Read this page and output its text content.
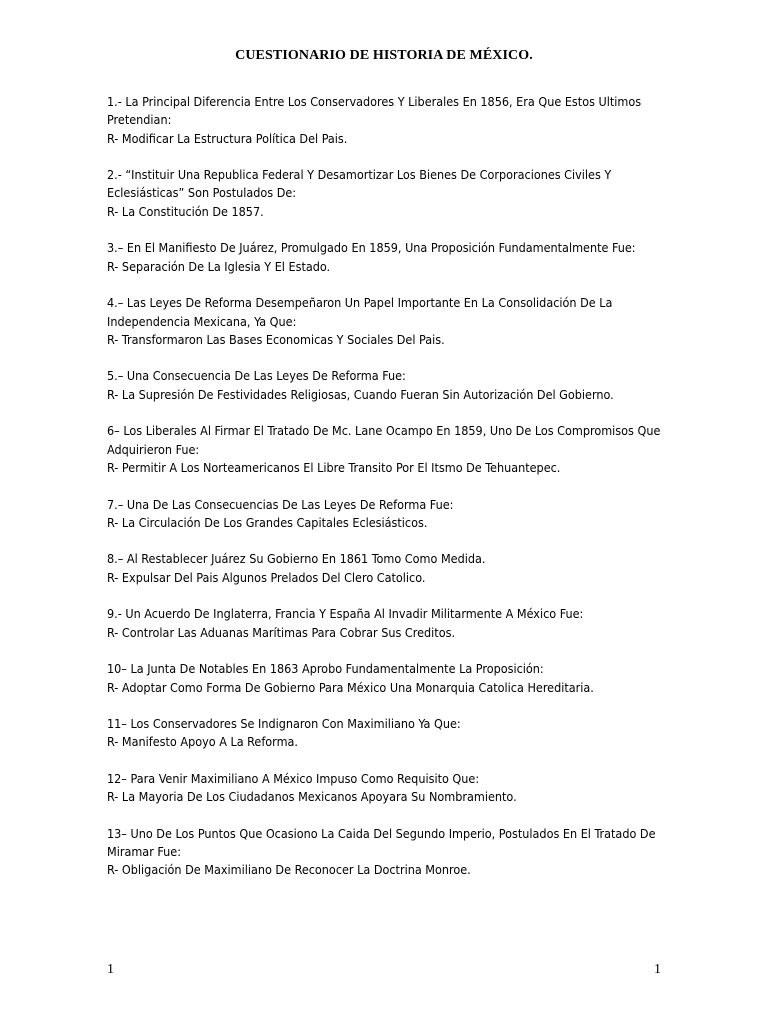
CUESTIONARIO DE HISTORIA DE MÉXICO.
1.- La Principal Diferencia Entre Los Conservadores Y Liberales En 1856, Era Que Estos Ultimos Pretendian:
R- Modificar La Estructura Política Del Pais.
2.- “Instituir Una Republica Federal Y Desamortizar Los Bienes De Corporaciones Civiles Y Eclesiásticas” Son Postulados De:
R- La Constitución De 1857.
3.– En El Manifiesto De Juárez, Promulgado En 1859, Una Proposición Fundamentalmente Fue:
R- Separación De La Iglesia Y El Estado.
4.– Las Leyes De Reforma Desempeñaron Un Papel Importante En La Consolidación De La Independencia Mexicana, Ya Que:
R- Transformaron Las Bases Economicas Y Sociales Del Pais.
5.– Una Consecuencia De Las Leyes De Reforma Fue:
R- La Supresión De Festividades Religiosas, Cuando Fueran Sin Autorización Del Gobierno.
6– Los Liberales Al Firmar El Tratado De Mc. Lane Ocampo En 1859, Uno De Los Compromisos Que Adquirieron Fue:
R- Permitir A Los Norteamericanos El Libre Transito Por El Itsmo De Tehuantepec.
7.– Una De Las Consecuencias De Las Leyes De Reforma Fue:
R- La Circulación De Los Grandes Capitales Eclesiásticos.
8.– Al Restablecer Juárez Su Gobierno En 1861 Tomo Como Medida.
R- Expulsar Del Pais Algunos Prelados Del Clero Catolico.
9.- Un Acuerdo De Inglaterra, Francia Y España Al Invadir Militarmente A México Fue:
R- Controlar Las Aduanas Marítimas Para Cobrar Sus Creditos.
10– La Junta De Notables En 1863 Aprobo Fundamentalmente La Proposición:
R- Adoptar Como Forma De Gobierno Para México Una Monarquia Catolica Hereditaria.
11– Los Conservadores Se Indignaron Con Maximiliano Ya Que:
R- Manifesto Apoyo A La Reforma.
12– Para Venir Maximiliano A México Impuso Como Requisito Que:
R- La Mayoria De Los Ciudadanos Mexicanos Apoyara Su Nombramiento.
13– Uno De Los Puntos Que Ocasiono La Caida Del Segundo Imperio, Postulados En El Tratado De Miramar Fue:
R- Obligación De Maximiliano De Reconocer La Doctrina Monroe.
1	1
